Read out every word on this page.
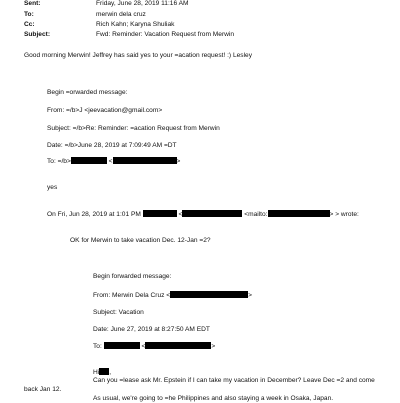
Sent:	Friday, June 28, 2019 11:16 AM
To:	merwin dela cruz
Cc:	Rich Kahn; Karyna Shuliak
Subject:	Fwd: Reminder: Vacation Request from Merwin
Good morning Merwin! Jeffrey has said yes to your =acation request! :) Lesley
Begin =orwarded message:
From: =/b>J <jeevacation@gmail.com>
Subject: =/b>Re: Reminder: =acation Request from Merwin
Date: =/b>June 28, 2019 at 7:09:49 AM =DT
To: =/b>	<	>
yes
On Fri, Jun 28, 2019 at 1:01 PM	<	<mailto:	> > wrote:
OK for Merwin to take vacation Dec. 12-Jan =2?
Begin forwarded message:
From: Merwin Dela Cruz <	>
Subject: Vacation
Date: June 27, 2019 at 8:27:50 AM EDT
To:	<	>
Hi ,
Can you =lease ask Mr. Epstein if I can take my vacation in December? Leave Dec =2 and come
back Jan 12.
As usual, we're going to =he Philippines and also staying a week in Osaka, Japan.
